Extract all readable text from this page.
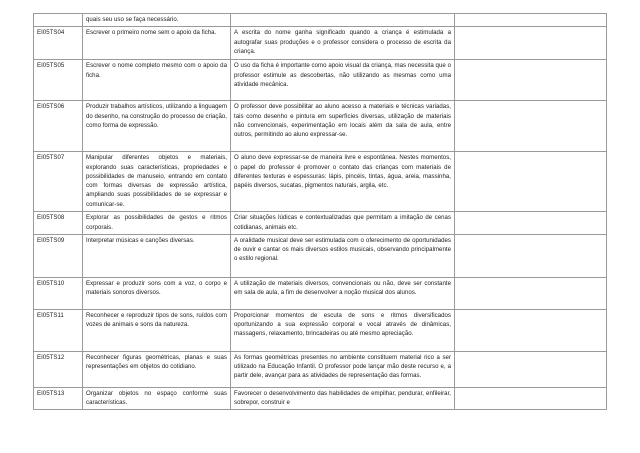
	quais seu uso se faça necessário.		
EI05TS04	Escrever o primeiro nome sem o apoio da ficha.	A escrita do nome ganha significado quando a criança é estimulada a autografar suas produções e o professor considera o processo de escrita da criança.	
EI05TS05	Escrever o nome completo mesmo com o apoio da ficha.	O uso da ficha é importante como apoio visual da criança, mas necessita que o professor estimule as descobertas, não utilizando as mesmas como uma atividade mecânica.	
EI05TS06	Produzir trabalhos artísticos, utilizando a linguagem do desenho, na construção do processo de criação, como forma de expressão.	O professor deve possibilitar ao aluno acesso a materiais e técnicas variadas, tais como desenho e pintura em superfícies diversas, utilização de materiais não convencionais, experimentação em locais além da sala de aula, entre outros, permitindo ao aluno expressar-se.	
EI05TS07	Manipular diferentes objetos e materiais, explorando suas características, propriedades e possibilidades de manuseio, entrando em contato com formas diversas de expressão artística, ampliando suas possibilidades de se expressar e comunicar-se.	O aluno deve expressar-se de maneira livre e espontânea. Nestes momentos, o papel do professor é promover o contato das crianças com materiais de diferentes texturas e espessuras: lápis, pincéis, tintas, água, areia, massinha, papéis diversos, sucatas, pigmentos naturais, argila, etc.	
EI05TS08	Explorar as possibilidades de gestos e ritmos corporais.	Criar situações lúdicas e contextualizadas que permitam a imitação de cenas cotidianas, animais etc.	
EI05TS09	Interpretar músicas e canções diversas.	A oralidade musical deve ser estimulada com o oferecimento de oportunidades de ouvir e cantar os mais diversos estilos musicais, observando principalmente o estilo regional.	
EI05TS10	Expressar e produzir sons com a voz, o corpo e materiais sonoros diversos.	A utilização de materiais diversos, convencionais ou não, deve ser constante em sala de aula, a fim de desenvolver a noção musical dos alunos.	
EI05TS11	Reconhecer e reproduzir tipos de sons, ruídos com vozes de animais e sons da natureza.	Proporcionar momentos de escuta de sons e ritmos diversificados oportunizando a sua expressão corporal e vocal através de dinâmicas, massagens, relaxamento, brincadeiras ou até mesmo apreciação.	
EI05TS12	Reconhecer figuras geométricas, planas e suas representações em objetos do cotidiano.	As formas geométricas presentes no ambiente constituem material rico a ser utilizado na Educação Infantil. O professor pode lançar mão deste recurso e, a partir dele, avançar para as atividades de representação das formas.	
EI05TS13	Organizar objetos no espaço conforme suas características.	Favorecer o desenvolvimento das habilidades de empilhar, pendurar, enfileirar, sobrepor, construir e	
